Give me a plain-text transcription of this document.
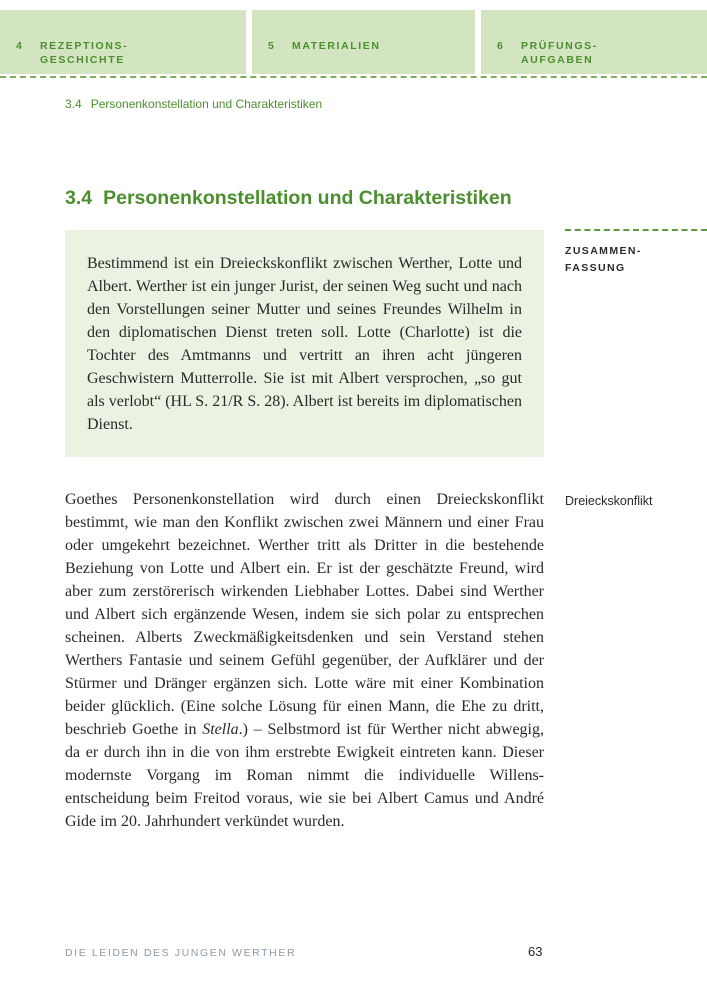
4	REZEPTIONS-
GESCHICHTE
5	MATERIALIEN	6	PRÜFUNGS-
AUFGABEN
3.4 Personenkonstellation und Charakteristiken
3.4 Personenkonstellation und Charakteristiken
ZUSAMMEN-
FASSUNG

Bestimmend ist ein Dreieckskonflikt zwischen Werther, Lotte und Albert. Werther ist ein junger Jurist, der seinen Weg sucht und nach den Vorstellungen seiner Mutter und seines Freundes Wilhelm in den diplomatischen Dienst treten soll. Lotte (Charlotte) ist die Tochter des Amtmanns und vertritt an ihren acht jüngeren Geschwistern Mutterrolle. Sie ist mit Albert versprochen, „so gut als verlobt“ (HL S. 21/R S. 28). Albert ist bereits im diplomatischen Dienst.

Dreieckskonflikt

Goethes Personenkonstellation wird durch einen Dreieckskonflikt bestimmt, wie man den Konflikt zwischen zwei Männern und einer Frau oder umgekehrt bezeichnet. Werther tritt als Dritter in die bestehende Beziehung von Lotte und Albert ein. Er ist der geschätzte Freund, wird aber zum zerstörerisch wirkenden Liebhaber Lottes. Dabei sind Werther und Albert sich ergänzende Wesen, indem sie sich polar zu entsprechen scheinen. Alberts Zweckmäßigkeitsdenken und sein Verstand stehen Werthers Fantasie und seinem Gefühl gegenüber, der Aufklärer und der Stürmer und Dränger ergänzen sich. Lotte wäre mit einer Kombination beider glücklich. (Eine solche Lösung für einen Mann, die Ehe zu dritt, beschrieb Goethe in Stella.) – Selbstmord ist für Werther nicht abwegig, da er durch ihn in die von ihm erstrebte Ewigkeit eintreten kann. Dieser modernste Vorgang im Roman nimmt die individuelle Willensentscheidung beim Freitod voraus, wie sie bei Albert Camus und André Gide im 20. Jahrhundert verkündet wurden.

DIE LEIDEN DES JUNGEN WERTHER	63
